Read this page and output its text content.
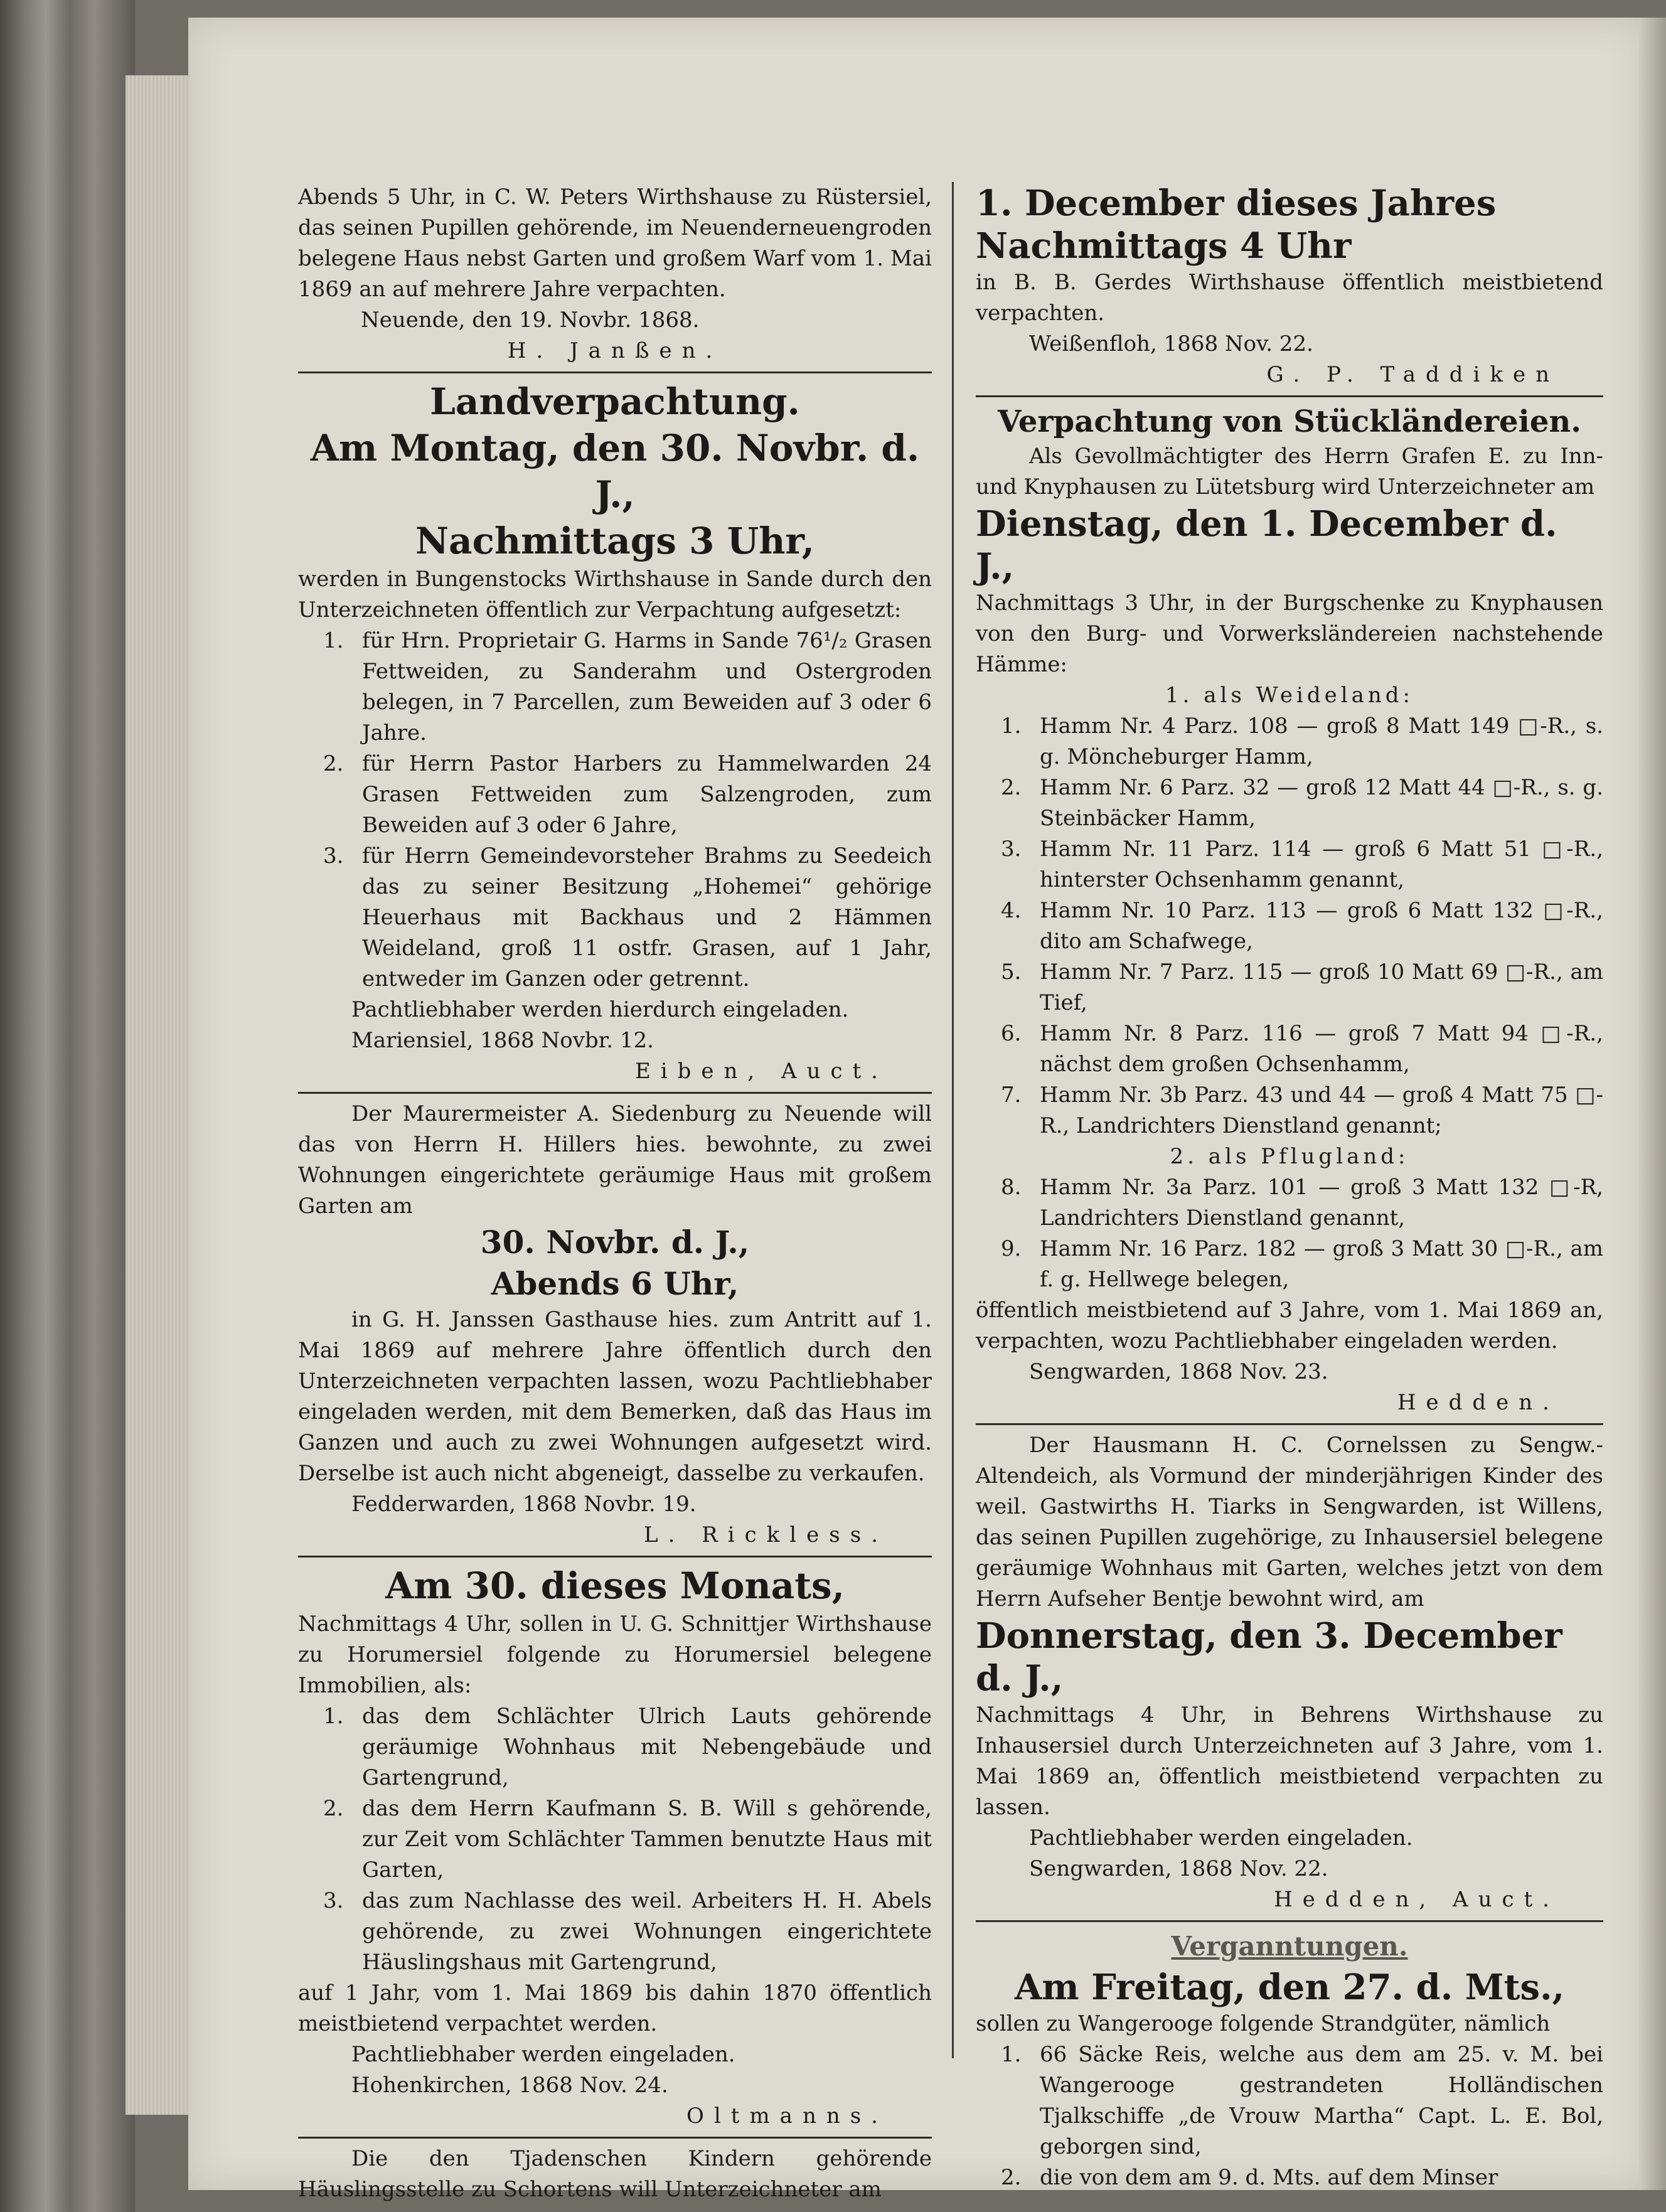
Abends 5 Uhr, in C. W. Peters Wirthshause zu Rüstersiel, das seinen Pupillen gehörende, im Neuenderneuengroden belegene Haus nebst Garten und großem Warf vom 1. Mai 1869 an auf mehrere Jahre verpachten.

Neuende, den 19. Novbr. 1868.

H. Janßen.

Landverpachtung.

Am Montag, den 30. Novbr. d. J.,

Nachmittags 3 Uhr,

werden in Bungenstocks Wirthshause in Sande durch den Unterzeichneten öffentlich zur Verpachtung aufgesetzt:

1. für Hrn. Proprietair G. Harms in Sande 76¹/₂ Grasen Fettweiden, zu Sanderahm und Ostergroden belegen, in 7 Parcellen, zum Beweiden auf 3 oder 6 Jahre.
2. für Herrn Pastor Harbers zu Hammelwarden 24 Grasen Fettweiden zum Salzengroden, zum Beweiden auf 3 oder 6 Jahre,
3. für Herrn Gemeindevorsteher Brahms zu Seedeich das zu seiner Besitzung „Hohemei“ gehörige Heuerhaus mit Backhaus und 2 Hämmen Weideland, groß 11 ostfr. Grasen, auf 1 Jahr, entweder im Ganzen oder getrennt.

Pachtliebhaber werden hierdurch eingeladen.

Mariensiel, 1868 Novbr. 12.

Eiben, Auct.

Der Maurermeister A. Siedenburg zu Neuende will das von Herrn H. Hillers hies. bewohnte, zu zwei Wohnungen eingerichtete geräumige Haus mit großem Garten am

30. Novbr. d. J.,

Abends 6 Uhr,

in G. H. Janssen Gasthause hies. zum Antritt auf 1. Mai 1869 auf mehrere Jahre öffentlich durch den Unterzeichneten verpachten lassen, wozu Pachtliebhaber eingeladen werden, mit dem Bemerken, daß das Haus im Ganzen und auch zu zwei Wohnungen aufgesetzt wird. Derselbe ist auch nicht abgeneigt, dasselbe zu verkaufen.

Fedderwarden, 1868 Novbr. 19.

L. Rickless.

Am 30. dieses Monats,

Nachmittags 4 Uhr, sollen in U. G. Schnittjer Wirthshause zu Horumersiel folgende zu Horumersiel belegene Immobilien, als:

1. das dem Schlächter Ulrich Lauts gehörende geräumige Wohnhaus mit Nebengebäude und Gartengrund,
2. das dem Herrn Kaufmann S. B. Will s gehörende, zur Zeit vom Schlächter Tammen benutzte Haus mit Garten,
3. das zum Nachlasse des weil. Arbeiters H. H. Abels gehörende, zu zwei Wohnungen eingerichtete Häuslingshaus mit Gartengrund,

auf 1 Jahr, vom 1. Mai 1869 bis dahin 1870 öffentlich meistbietend verpachtet werden.

Pachtliebhaber werden eingeladen.

Hohenkirchen, 1868 Nov. 24.

Oltmanns.

Die den Tjadenschen Kindern gehörende Häuslingsstelle zu Schortens will Unterzeichneter am

1. December dieses Jahres Nachmittags 4 Uhr

in B. B. Gerdes Wirthshause öffentlich meistbietend verpachten.

Weißenfloh, 1868 Nov. 22.

G. P. Taddiken

Verpachtung von Stückländereien.

Als Gevollmächtigter des Herrn Grafen E. zu Inn- und Knyphausen zu Lütetsburg wird Unterzeichneter am

Dienstag, den 1. December d. J.,

Nachmittags 3 Uhr, in der Burgschenke zu Knyphausen von den Burg- und Vorwerksländereien nachstehende Hämme:

1. als Weideland:

1. Hamm Nr. 4 Parz. 108 — groß 8 Matt 149 □-R., s. g. Möncheburger Hamm,
2. Hamm Nr. 6 Parz. 32 — groß 12 Matt 44 □-R., s. g. Steinbäcker Hamm,
3. Hamm Nr. 11 Parz. 114 — groß 6 Matt 51 □-R., hinterster Ochsenhamm genannt,
4. Hamm Nr. 10 Parz. 113 — groß 6 Matt 132 □-R., dito am Schafwege,
5. Hamm Nr. 7 Parz. 115 — groß 10 Matt 69 □-R., am Tief,
6. Hamm Nr. 8 Parz. 116 — groß 7 Matt 94 □-R., nächst dem großen Ochsenhamm,
7. Hamm Nr. 3b Parz. 43 und 44 — groß 4 Matt 75 □-R., Landrichters Dienstland genannt;

2. als Pflugland:

8. Hamm Nr. 3a Parz. 101 — groß 3 Matt 132 □-R, Landrichters Dienstland genannt,
9. Hamm Nr. 16 Parz. 182 — groß 3 Matt 30 □-R., am f. g. Hellwege belegen,

öffentlich meistbietend auf 3 Jahre, vom 1. Mai 1869 an, verpachten, wozu Pachtliebhaber eingeladen werden.

Sengwarden, 1868 Nov. 23.

Hedden.

Der Hausmann H. C. Cornelssen zu Sengw.-Altendeich, als Vormund der minderjährigen Kinder des weil. Gastwirths H. Tiarks in Sengwarden, ist Willens, das seinen Pupillen zugehörige, zu Inhausersiel belegene geräumige Wohnhaus mit Garten, welches jetzt von dem Herrn Aufseher Bentje bewohnt wird, am

Donnerstag, den 3. December d. J.,

Nachmittags 4 Uhr, in Behrens Wirthshause zu Inhausersiel durch Unterzeichneten auf 3 Jahre, vom 1. Mai 1869 an, öffentlich meistbietend verpachten zu lassen.

Pachtliebhaber werden eingeladen.

Sengwarden, 1868 Nov. 22.

Hedden, Auct.

Verganntungen.

Am Freitag, den 27. d. Mts.,

sollen zu Wangerooge folgende Strandgüter, nämlich

1. 66 Säcke Reis, welche aus dem am 25. v. M. bei Wangerooge gestrandeten Holländischen Tjalkschiffe „de Vrouw Martha“ Capt. L. E. Bol, geborgen sind,
2. die von dem am 9. d. Mts. auf dem Minser
